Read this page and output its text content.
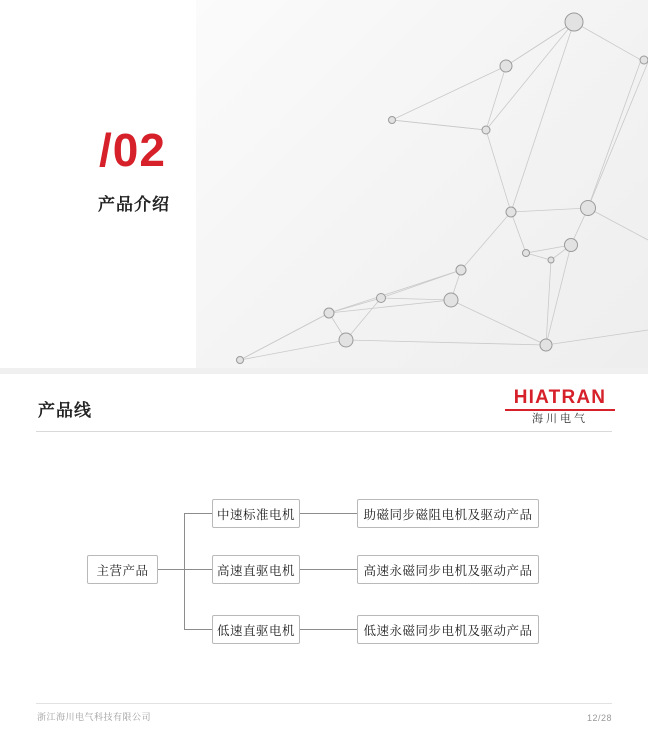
/02
产品介绍
产品线
HIATRAN
海川电气
主营产品
中速标准电机
高速直驱电机
低速直驱电机
助磁同步磁阻电机及驱动产品
高速永磁同步电机及驱动产品
低速永磁同步电机及驱动产品
浙江海川电气科技有限公司	12/28
